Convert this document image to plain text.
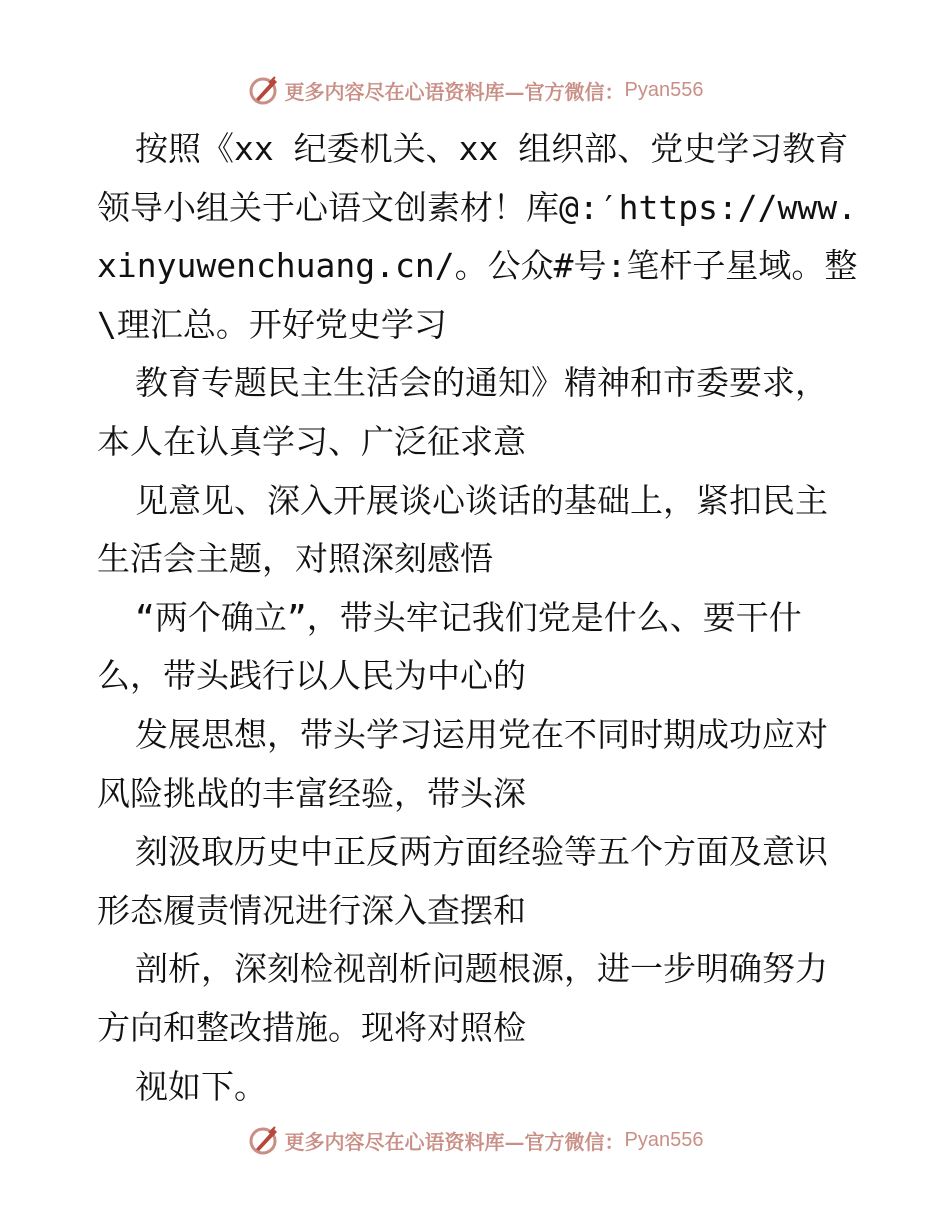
更多内容尽在心语资料库—官方微信： Pyan556
按照《xx 纪委机关、xx 组织部、党史学习教育
领导小组关于心语文创素材！库@:′https://www.
xinyuwenchuang.cn/。公众#号:笔杆子星域。整
\理汇总。开好党史学习
教育专题民主生活会的通知》精神和市委要求，
本人在认真学习、广泛征求意
见意见、深入开展谈心谈话的基础上，紧扣民主
生活会主题，对照深刻感悟
“两个确立”，带头牢记我们党是什么、要干什
么，带头践行以人民为中心的
发展思想，带头学习运用党在不同时期成功应对
风险挑战的丰富经验，带头深
刻汲取历史中正反两方面经验等五个方面及意识
形态履责情况进行深入查摆和
剖析，深刻检视剖析问题根源，进一步明确努力
方向和整改措施。现将对照检
视如下。
更多内容尽在心语资料库—官方微信： Pyan556
